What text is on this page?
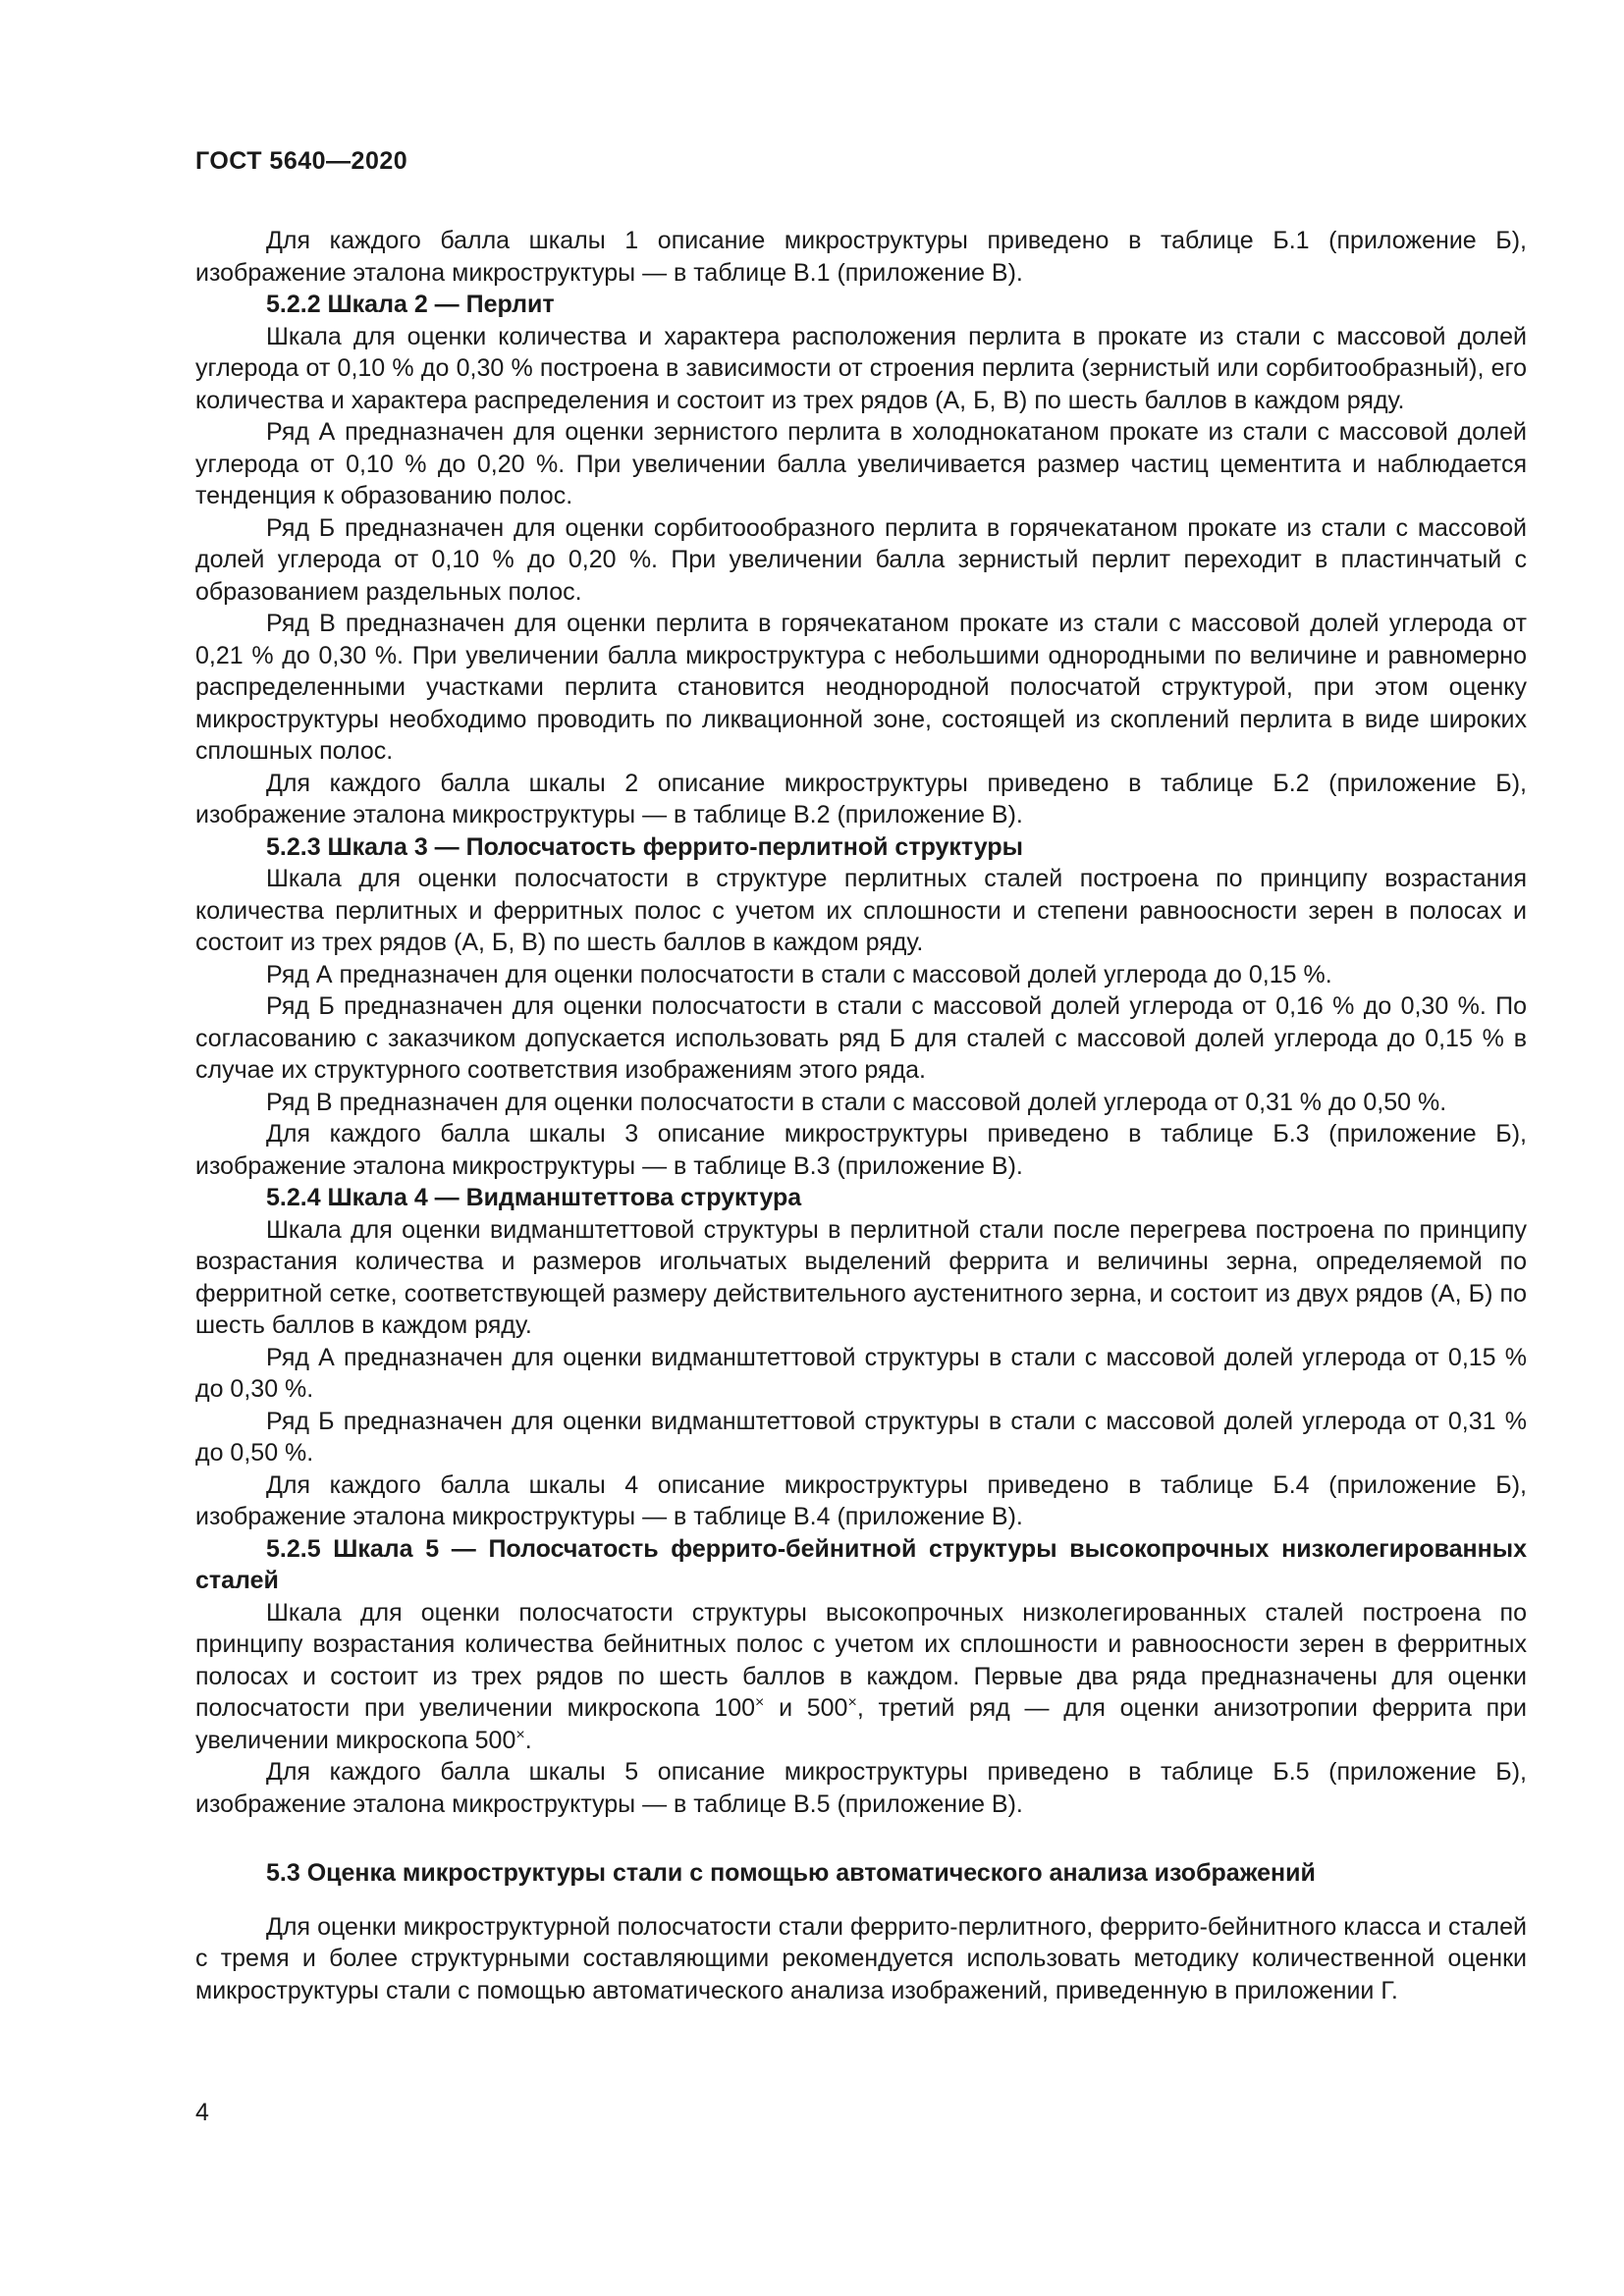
ГОСТ 5640—2020

Для каждого балла шкалы 1 описание микроструктуры приведено в таблице Б.1 (приложение Б), изображение эталона микроструктуры — в таблице В.1 (приложение В).

5.2.2 Шкала 2 — Перлит

Шкала для оценки количества и характера расположения перлита в прокате из стали с массовой долей углерода от 0,10 % до 0,30 % построена в зависимости от строения перлита (зернистый или сорбитообразный), его количества и характера распределения и состоит из трех рядов (А, Б, В) по шесть баллов в каждом ряду.

Ряд А предназначен для оценки зернистого перлита в холоднокатаном прокате из стали с массовой долей углерода от 0,10 % до 0,20 %. При увеличении балла увеличивается размер частиц цементита и наблюдается тенденция к образованию полос.

Ряд Б предназначен для оценки сорбитоообразного перлита в горячекатаном прокате из стали с массовой долей углерода от 0,10 % до 0,20 %. При увеличении балла зернистый перлит переходит в пластинчатый с образованием раздельных полос.

Ряд В предназначен для оценки перлита в горячекатаном прокате из стали с массовой долей углерода от 0,21 % до 0,30 %. При увеличении балла микроструктура с небольшими однородными по величине и равномерно распределенными участками перлита становится неоднородной полосчатой структурой, при этом оценку микроструктуры необходимо проводить по ликвационной зоне, состоящей из скоплений перлита в виде широких сплошных полос.

Для каждого балла шкалы 2 описание микроструктуры приведено в таблице Б.2 (приложение Б), изображение эталона микроструктуры — в таблице В.2 (приложение В).

5.2.3 Шкала 3 — Полосчатость феррито-перлитной структуры

Шкала для оценки полосчатости в структуре перлитных сталей построена по принципу возрастания количества перлитных и ферритных полос с учетом их сплошности и степени равноосности зерен в полосах и состоит из трех рядов (А, Б, В) по шесть баллов в каждом ряду.

Ряд А предназначен для оценки полосчатости в стали с массовой долей углерода до 0,15 %.

Ряд Б предназначен для оценки полосчатости в стали с массовой долей углерода от 0,16 % до 0,30 %. По согласованию с заказчиком допускается использовать ряд Б для сталей с массовой долей углерода до 0,15 % в случае их структурного соответствия изображениям этого ряда.

Ряд В предназначен для оценки полосчатости в стали с массовой долей углерода от 0,31 % до 0,50 %.

Для каждого балла шкалы 3 описание микроструктуры приведено в таблице Б.3 (приложение Б), изображение эталона микроструктуры — в таблице В.3 (приложение В).

5.2.4 Шкала 4 — Видманштеттова структура

Шкала для оценки видманштеттовой структуры в перлитной стали после перегрева построена по принципу возрастания количества и размеров игольчатых выделений феррита и величины зерна, определяемой по ферритной сетке, соответствующей размеру действительного аустенитного зерна, и состоит из двух рядов (А, Б) по шесть баллов в каждом ряду.

Ряд А предназначен для оценки видманштеттовой структуры в стали с массовой долей углерода от 0,15 % до 0,30 %.

Ряд Б предназначен для оценки видманштеттовой структуры в стали с массовой долей углерода от 0,31 % до 0,50 %.

Для каждого балла шкалы 4 описание микроструктуры приведено в таблице Б.4 (приложение Б), изображение эталона микроструктуры — в таблице В.4 (приложение В).

5.2.5 Шкала 5 — Полосчатость феррито-бейнитной структуры высокопрочных низколегированных сталей

Шкала для оценки полосчатости структуры высокопрочных низколегированных сталей построена по принципу возрастания количества бейнитных полос с учетом их сплошности и равноосности зерен в ферритных полосах и состоит из трех рядов по шесть баллов в каждом. Первые два ряда предназначены для оценки полосчатости при увеличении микроскопа 100× и 500×, третий ряд — для оценки анизотропии феррита при увеличении микроскопа 500×.

Для каждого балла шкалы 5 описание микроструктуры приведено в таблице Б.5 (приложение Б), изображение эталона микроструктуры — в таблице В.5 (приложение В).

5.3 Оценка микроструктуры стали с помощью автоматического анализа изображений

Для оценки микроструктурной полосчатости стали феррито-перлитного, феррито-бейнитного класса и сталей с тремя и более структурными составляющими рекомендуется использовать методику количественной оценки микроструктуры стали с помощью автоматического анализа изображений, приведенную в приложении Г.

4
